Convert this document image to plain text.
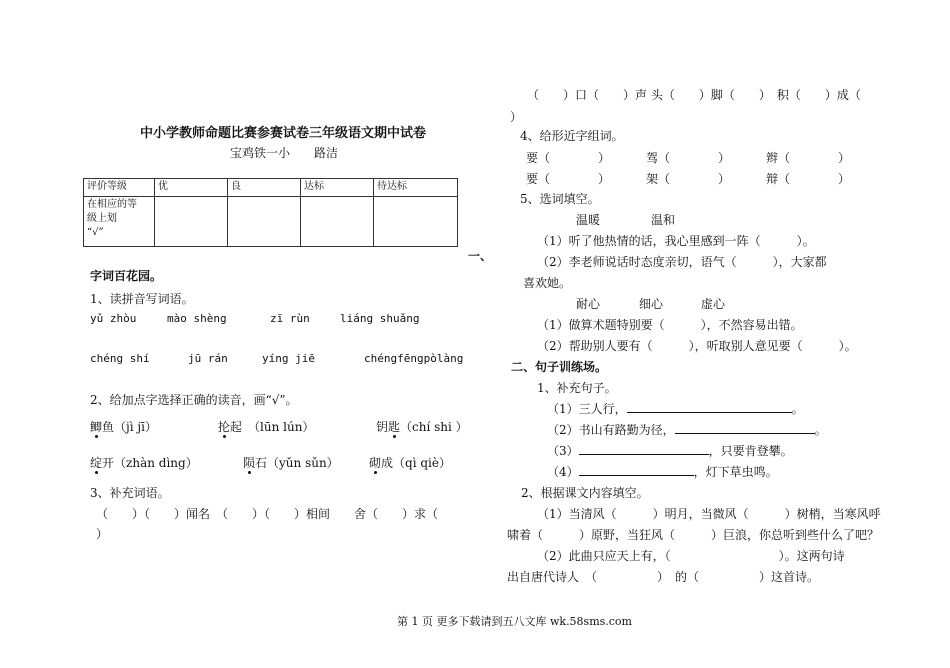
中小学教师命题比赛参赛试卷三年级语文期中试卷
宝鸡铁一小　　路洁
评价等级	优	良	达标	待达标

在相应的等
级上划
“√”				

一、
字词百花园。
1、读拼音写词语。
yǔ zhòu	mào shèng	zī rùn	liáng shuǎng
chéng shí	jū rán	yíng jiē	chéngfēngpòlàng
2、给加点字选择正确的读音，画“√”。
鲫鱼（jì jī）	抡起　（lūn lún）	钥匙（chí shi ）
绽开（zhàn dìng）	陨石（yǔn sǔn）	砌成（qì qiè）
3、补充词语。
（　　）（　　）闻名　（　　）（　　）相间　　舍（　　）求（
）
（　　）口（　　）声 头（　　）脚（　　）　积（　　）成（
）
4、给形近字组词。
要（　　　　）	驾（　　　　）	辫（　　　　）
要（　　　　）	架（　　　　）	辩（　　　　）
5、选词填空。
温暖	温和
（1）听了他热情的话，我心里感到一阵（　　　）。
（2）李老师说话时态度亲切，语气（　　　），大家都
喜欢她。
耐心	细心	虚心
（1）做算术题特别要（　　　），不然容易出错。
（2）帮助别人要有（　　　），听取别人意见要（　　　）。
二、句子训练场。
1、补充句子。
（1）三人行，	。
（2）书山有路勤为径，	。
（3）	，只要肯登攀。
（4）	，灯下草虫鸣。
2、根据课文内容填空。
（1）当清风（　　　）明月，当微风（　　　）树梢，当寒风呼
啸着（　　　）原野，当狂风（　　　）巨浪，你总听到些什么了吧？
（2）此曲只应天上有，（　　　　　　　　　）。这两句诗
出自唐代诗人　（　　　　　）　的（　　　　　）这首诗。
第 1 页 更多下载请到五八文库 wk.58sms.com
